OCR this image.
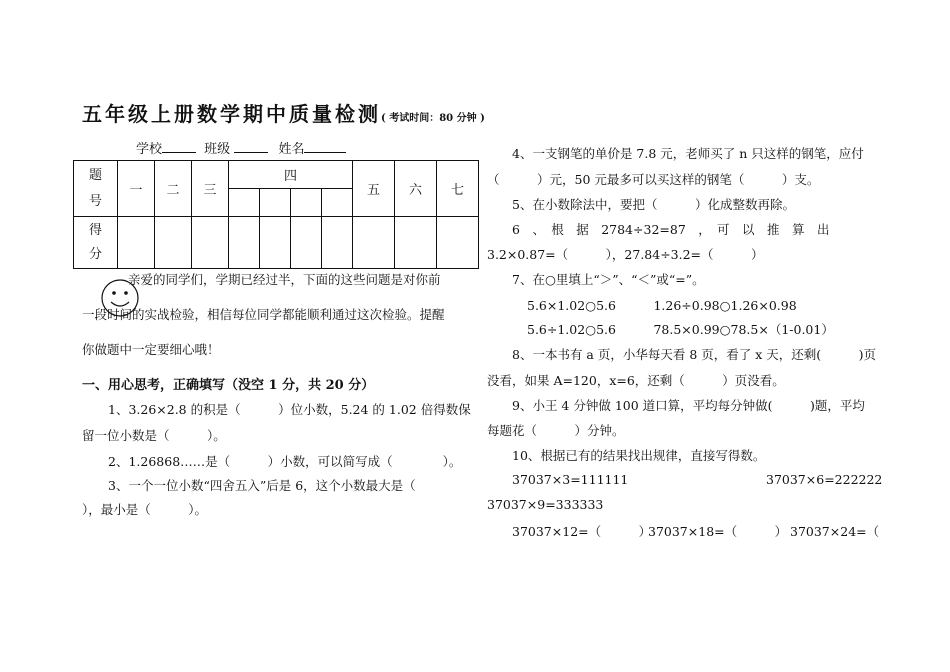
五年级上册数学期中质量检测( 考试时间：80 分钟 )
学校	班级	姓名
题号	一	二	三	四				五	六	七

得分										
亲爱的同学们，学期已经过半，下面的这些问题是对你前
一段时间的实战检验，相信每位同学都能顺利通过这次检验。提醒
你做题中一定要细心哦！
一、用心思考，正确填写（没空 1 分，共 20 分）
1、3.26×2.8 的积是（　　　）位小数，5.24 的 1.02 倍得数保
留一位小数是（　　　）。
2、1.26868……是（　　　）小数，可以简写成（　　　　）。
3、一个一位小数“四舍五入”后是 6，这个小数最大是（
），最小是（　　　）。
4、一支钢笔的单价是 7.8 元，老师买了 n 只这样的钢笔，应付
（　　　）元，50 元最多可以买这样的钢笔（　　　）支。
5、在小数除法中，要把（　　　）化成整数再除。
6　、　根　据　2784÷32=87　，　可　以　推　算　出
3.2×0.87=（　　　），27.84÷3.2=（　　　）
7、在○里填上“＞”、“＜”或“=”。
5.6×1.02○5.6　　　1.26÷0.98○1.26×0.98
5.6÷1.02○5.6　　　78.5×0.99○78.5×（1-0.01）
8、一本书有 a 页，小华每天看 8 页，看了 x 天，还剩(　　　)页
没看，如果 A=120，x=6，还剩（　　　）页没看。
9、小王 4 分钟做 100 道口算，平均每分钟做(　　　)题，平均
每题花（　　　）分钟。
10、根据已有的结果找出规律，直接写得数。
37037×3=111111	37037×6=222222
37037×9=333333
37037×12=（　　　）
37037×18=（　　　） 37037×24=（
